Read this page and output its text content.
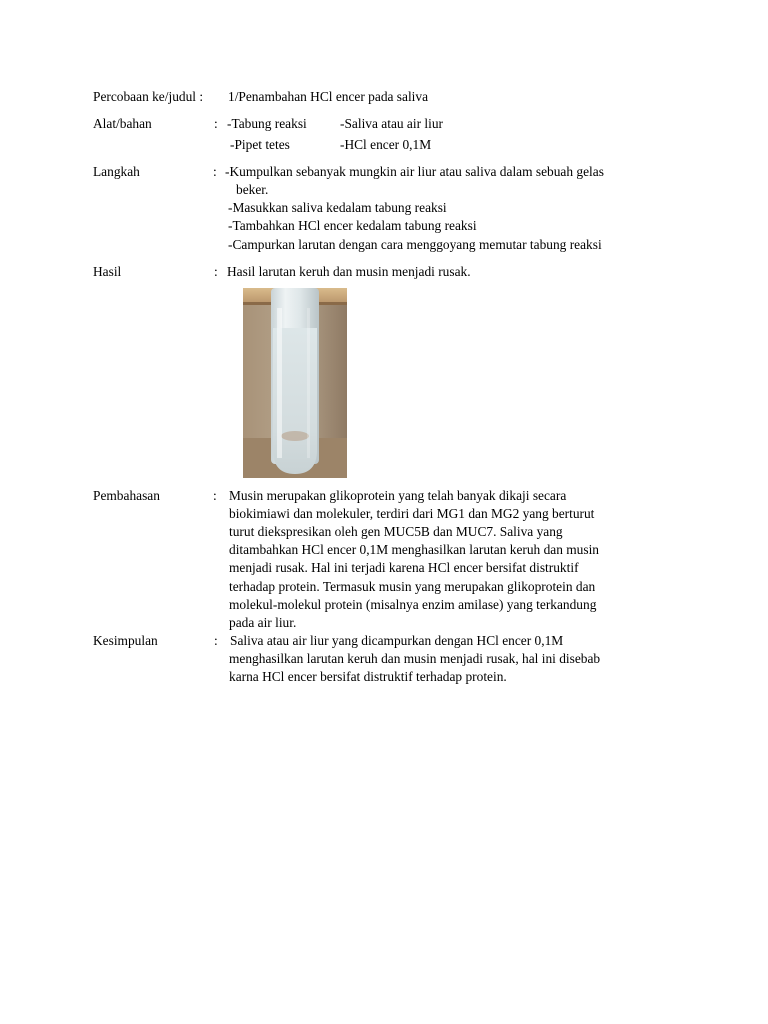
Percobaan ke/judul : 1/Penambahan HCl encer pada saliva
Alat/bahan	: -Tabung reaksi -Saliva atau air liur
-Pipet tetes	-HCl encer 0,1M
Langkah	: -Kumpulkan sebanyak mungkin air liur atau saliva dalam sebuah gelas
beker.
-Masukkan saliva kedalam tabung reaksi
-Tambahkan HCl encer kedalam tabung reaksi
-Campurkan larutan dengan cara menggoyang memutar tabung reaksi
Hasil	: Hasil larutan keruh dan musin menjadi rusak.
Pembahasan	: Musin merupakan glikoprotein yang telah banyak dikaji secara
biokimiawi dan molekuler, terdiri dari MG1 dan MG2 yang berturut
turut diekspresikan oleh gen MUC5B dan MUC7. Saliva yang
ditambahkan HCl encer 0,1M menghasilkan larutan keruh dan musin
menjadi rusak. Hal ini terjadi karena HCl encer bersifat distruktif
terhadap protein. Termasuk musin yang merupakan glikoprotein dan
molekul-molekul protein (misalnya enzim amilase) yang terkandung
pada air liur.
Kesimpulan	: Saliva atau air liur yang dicampurkan dengan HCl encer 0,1M
menghasilkan larutan keruh dan musin menjadi rusak, hal ini disebab
karna HCl encer bersifat distruktif terhadap protein.
